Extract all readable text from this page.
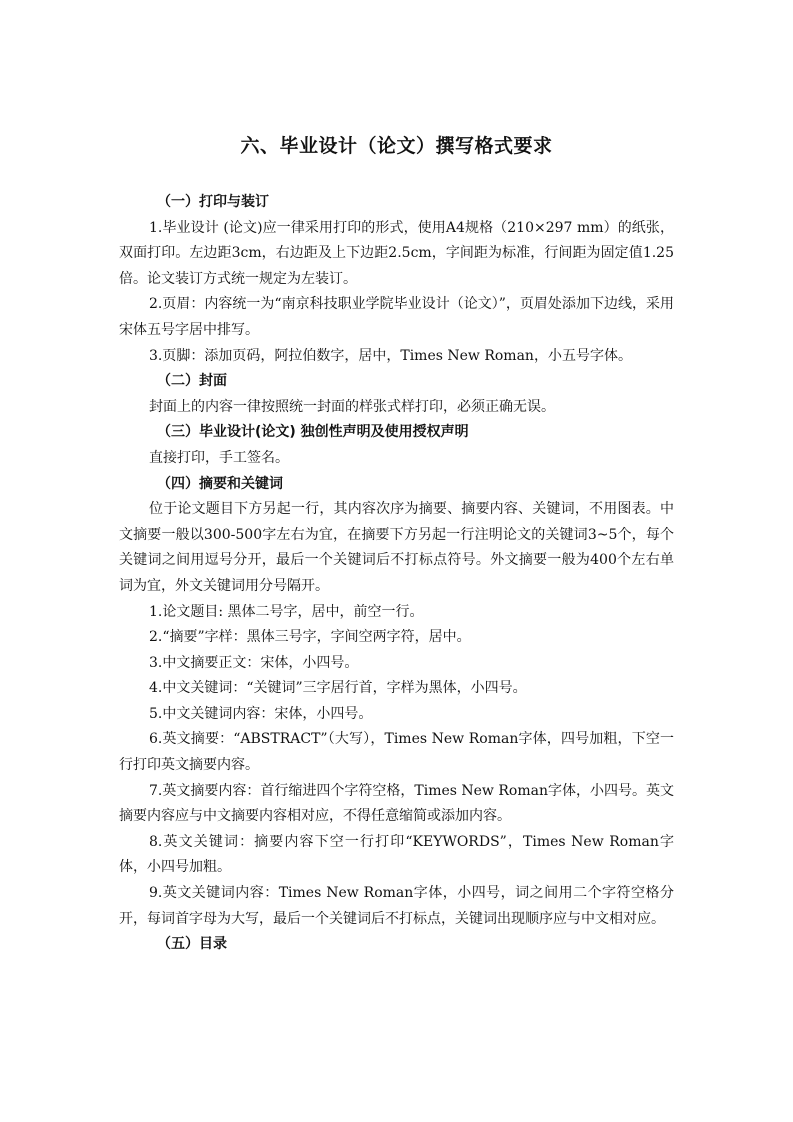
六、毕业设计（论文）撰写格式要求

（一）打印与装订

1.毕业设计 (论文)应一律采用打印的形式，使用A4规格（210×297 mm）的纸张，双面打印。左边距3cm，右边距及上下边距2.5cm，字间距为标准，行间距为固定值1.25倍。论文装订方式统一规定为左装订。

2.页眉：内容统一为“南京科技职业学院毕业设计（论文）”，页眉处添加下边线，采用宋体五号字居中排写。

3.页脚：添加页码，阿拉伯数字，居中，Times New Roman，小五号字体。

（二）封面

封面上的内容一律按照统一封面的样张式样打印，必须正确无误。

（三）毕业设计(论文) 独创性声明及使用授权声明

直接打印，手工签名。

（四）摘要和关键词

位于论文题目下方另起一行，其内容次序为摘要、摘要内容、关键词，不用图表。中文摘要一般以300-500字左右为宜，在摘要下方另起一行注明论文的关键词3~5个，每个关键词之间用逗号分开，最后一个关键词后不打标点符号。外文摘要一般为400个左右单词为宜，外文关键词用分号隔开。

1.论文题目: 黑体二号字，居中，前空一行。

2.“摘要”字样：黑体三号字，字间空两字符，居中。

3.中文摘要正文：宋体，小四号。

4.中文关键词：“关键词”三字居行首，字样为黑体，小四号。

5.中文关键词内容：宋体，小四号。

6.英文摘要：“ABSTRACT”（大写），Times New Roman字体，四号加粗，下空一行打印英文摘要内容。

7.英文摘要内容：首行缩进四个字符空格，Times New Roman字体，小四号。英文摘要内容应与中文摘要内容相对应，不得任意缩简或添加内容。

8.英文关键词：摘要内容下空一行打印“KEYWORDS”，Times New Roman字体，小四号加粗。

9.英文关键词内容：Times New Roman字体，小四号，词之间用二个字符空格分开，每词首字母为大写，最后一个关键词后不打标点，关键词出现顺序应与中文相对应。

（五）目录
